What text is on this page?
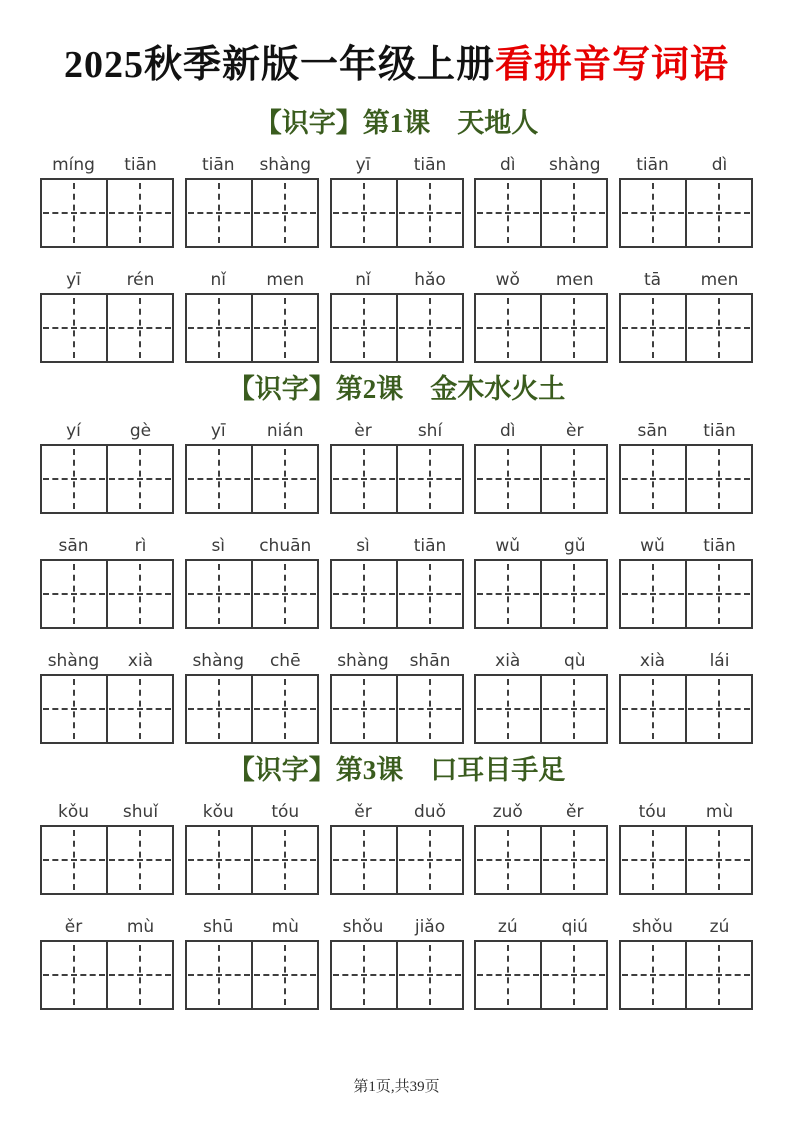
2025秋季新版一年级上册看拼音写词语
【识字】第1课　天地人
míng	tiān	tiān	shàng	yī	tiān	dì	shàng	tiān	dì
yī	rén	nǐ	men	nǐ	hǎo	wǒ	men	tā	men
【识字】第2课　金木水火土
yí	gè	yī	nián	èr	shí	dì	èr	sān	tiān
sān	rì	sì	chuān	sì	tiān	wǔ	gǔ	wǔ	tiān
shàng	xià	shàng	chē	shàng	shān	xià	qù	xià	lái
【识字】第3课　口耳目手足
kǒu	shuǐ	kǒu	tóu	ěr	duǒ	zuǒ	ěr	tóu	mù
ěr	mù	shū	mù	shǒu	jiǎo	zú	qiú	shǒu	zú
第1页,共39页
